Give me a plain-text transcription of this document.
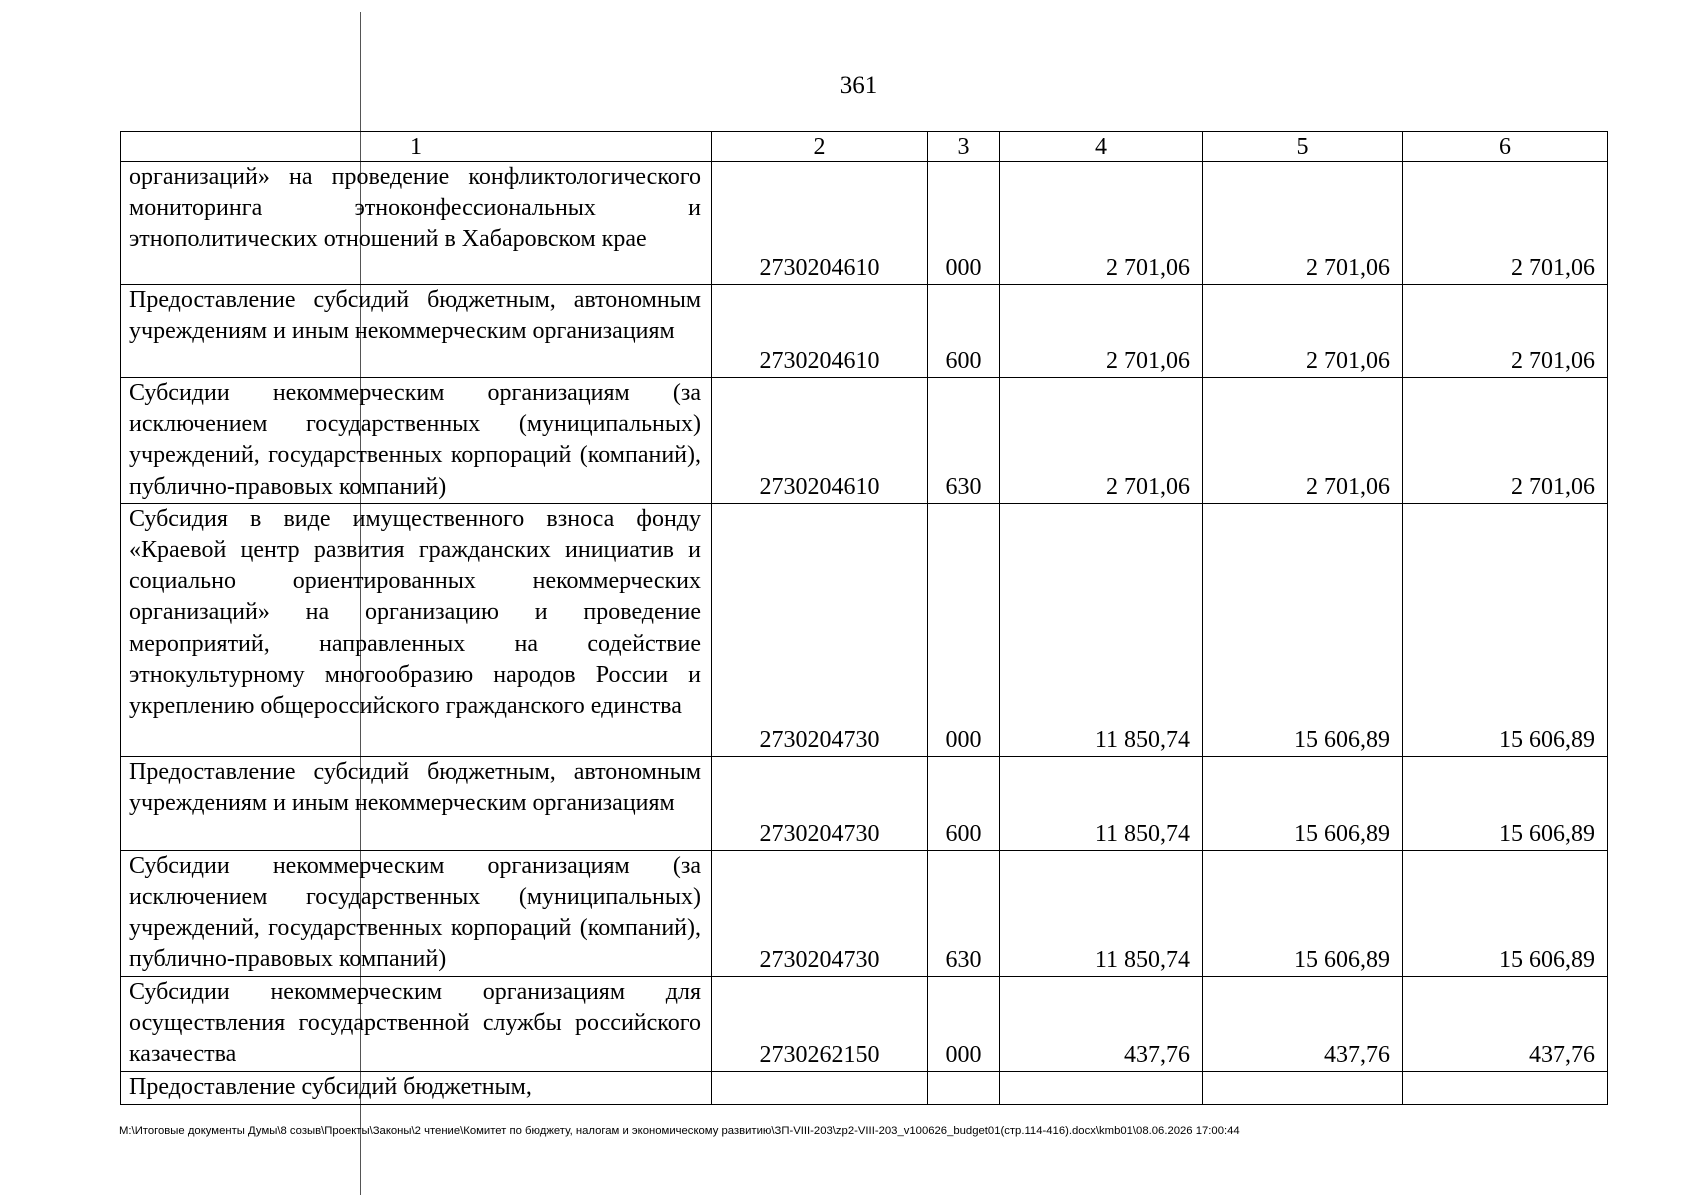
361
1	2	3	4	5	6
организаций» на проведение конфликтологического мониторинга этноконфессиональных и этнополитических отношений в Хабаровском крае	2730204610	000	2 701,06	2 701,06	2 701,06
Предоставление субсидий бюджетным, автономным учреждениям и иным некоммерческим организациям	2730204610	600	2 701,06	2 701,06	2 701,06
Субсидии некоммерческим организациям (за исключением государственных (муниципальных) учреждений, государственных корпораций (компаний), публично-правовых компаний)	2730204610	630	2 701,06	2 701,06	2 701,06
Субсидия в виде имущественного взноса фонду «Краевой центр развития гражданских инициатив и социально ориентированных некоммерческих организаций» на организацию и проведение мероприятий, направленных на содействие этнокультурному многообразию народов России и укреплению общероссийского гражданского единства	2730204730	000	11 850,74	15 606,89	15 606,89
Предоставление субсидий бюджетным, автономным учреждениям и иным некоммерческим организациям	2730204730	600	11 850,74	15 606,89	15 606,89
Субсидии некоммерческим организациям (за исключением государственных (муниципальных) учреждений, государственных корпораций (компаний), публично-правовых компаний)	2730204730	630	11 850,74	15 606,89	15 606,89
Субсидии некоммерческим организациям для осуществления государственной службы российского казачества	2730262150	000	437,76	437,76	437,76
Предоставление субсидий бюджетным,					
M:\Итоговые документы Думы\8 созыв\Проекты\Законы\2 чтение\Комитет по бюджету, налогам и экономическому развитию\ЗП-VIII-203\zp2-VIII-203_v100626_budget01(стр.114-416).docx\kmb01\08.06.2026 17:00:44
